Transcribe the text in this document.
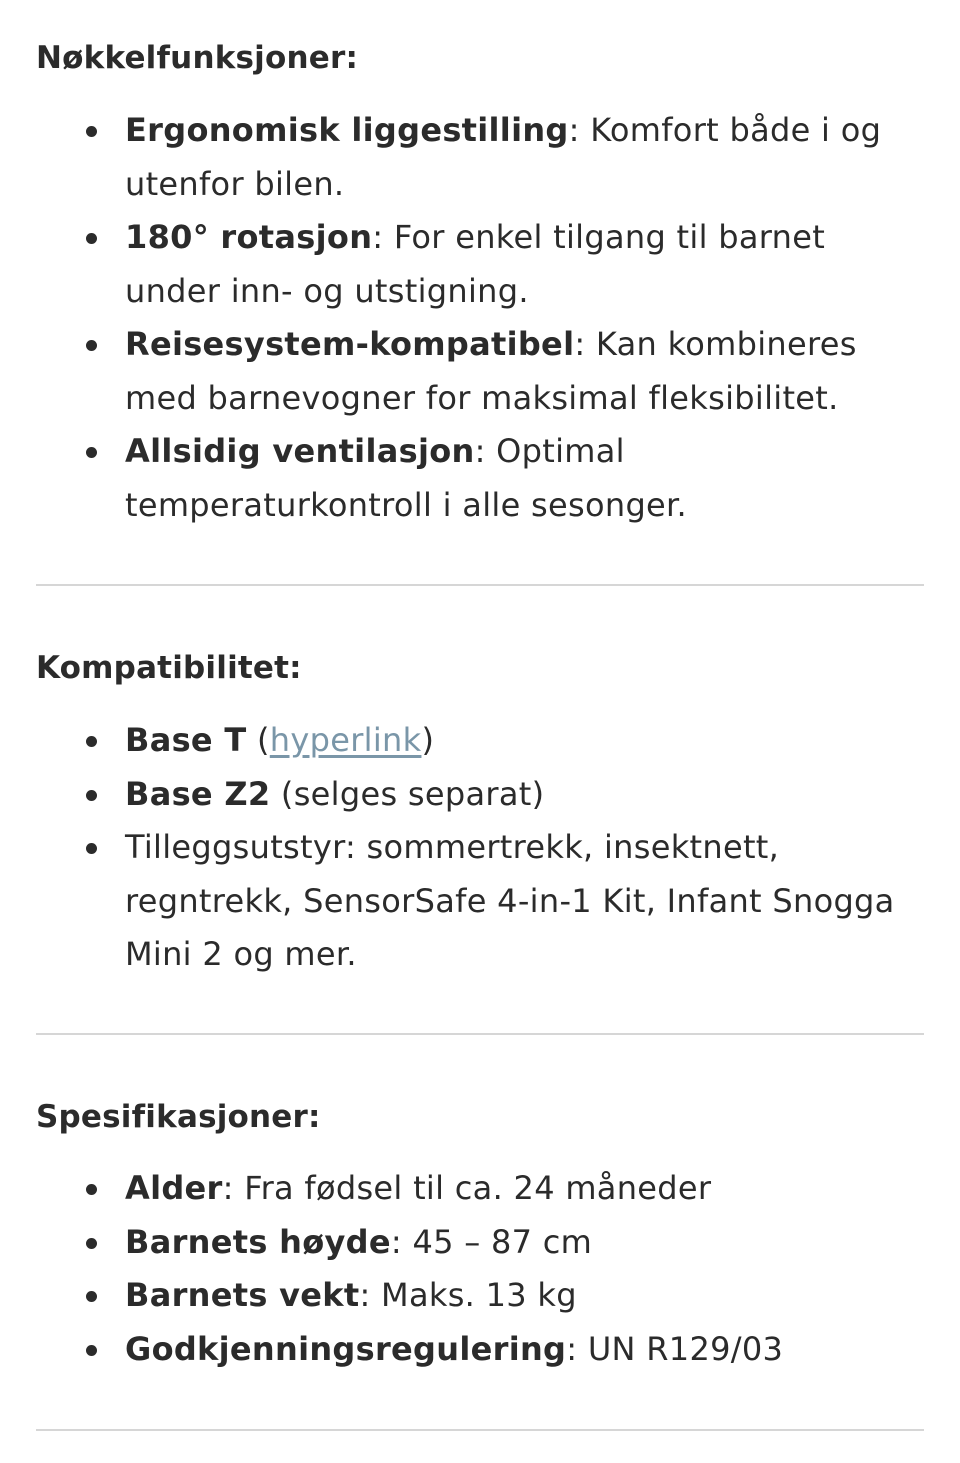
Nøkkelfunksjoner:
Ergonomisk liggestilling: Komfort både i og utenfor bilen.
180° rotasjon: For enkel tilgang til barnet under inn- og utstigning.
Reisesystem-kompatibel: Kan kombineres med barnevogner for maksimal fleksibilitet.
Allsidig ventilasjon: Optimal temperaturkontroll i alle sesonger.
Kompatibilitet:
Base T (hyperlink)
Base Z2 (selges separat)
Tilleggsutstyr: sommertrekk, insektnett, regntrekk, SensorSafe 4-in-1 Kit, Infant Snogga Mini 2 og mer.
Spesifikasjoner:
Alder: Fra fødsel til ca. 24 måneder
Barnets høyde: 45 – 87 cm
Barnets vekt: Maks. 13 kg
Godkjenningsregulering: UN R129/03
